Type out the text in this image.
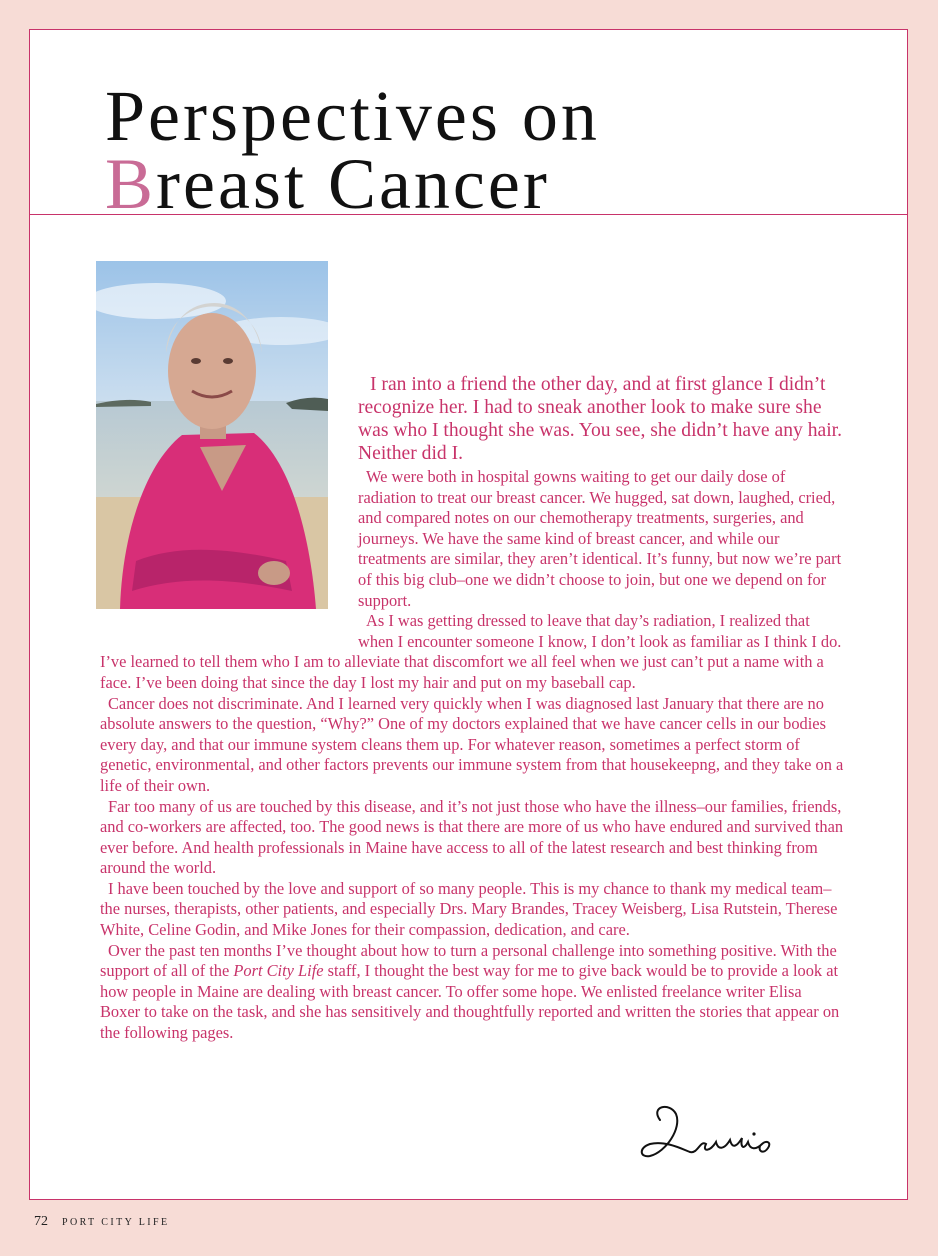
Perspectives on
Breast Cancer

I ran into a friend the other day, and at first glance I didn’t recognize her. I had to sneak another look to make sure she was who I thought she was. You see, she didn’t have any hair. Neither did I.

We were both in hospital gowns waiting to get our daily dose of radiation to treat our breast cancer. We hugged, sat down, laughed, cried, and compared notes on our chemotherapy treatments, surgeries, and journeys. We have the same kind of breast cancer, and while our treatments are similar, they aren’t identical. It’s funny, but now we’re part of this big club–one we didn’t choose to join, but one we depend on for support.

As I was getting dressed to leave that day’s radiation, I realized that when I encounter someone I know, I don’t look as familiar as I think I do. I’ve learned to tell them who I am to alleviate that discomfort we all feel when we just can’t put a name with a face. I’ve been doing that since the day I lost my hair and put on my baseball cap.

Cancer does not discriminate. And I learned very quickly when I was diagnosed last January that there are no absolute answers to the question, “Why?” One of my doctors explained that we have cancer cells in our bodies every day, and that our immune system cleans them up. For whatever reason, sometimes a perfect storm of genetic, environmental, and other factors prevents our immune system from that housekeepng, and they take on a life of their own.

Far too many of us are touched by this disease, and it’s not just those who have the illness–our families, friends, and co-workers are affected, too. The good news is that there are more of us who have endured and survived than ever before. And health professionals in Maine have access to all of the latest research and best thinking from around the world.

I have been touched by the love and support of so many people. This is my chance to thank my medical team–the nurses, therapists, other patients, and especially Drs. Mary Brandes, Tracey Weisberg, Lisa Rutstein, Therese White, Celine Godin, and Mike Jones for their compassion, dedication, and care.

Over the past ten months I’ve thought about how to turn a personal challenge into something positive. With the support of all of the Port City Life staff, I thought the best way for me to give back would be to provide a look at how people in Maine are dealing with breast cancer. To offer some hope. We enlisted freelance writer Elisa Boxer to take on the task, and she has sensitively and thoughtfully reported and written the stories that appear on the following pages.

72 PORT CITY LIFE
